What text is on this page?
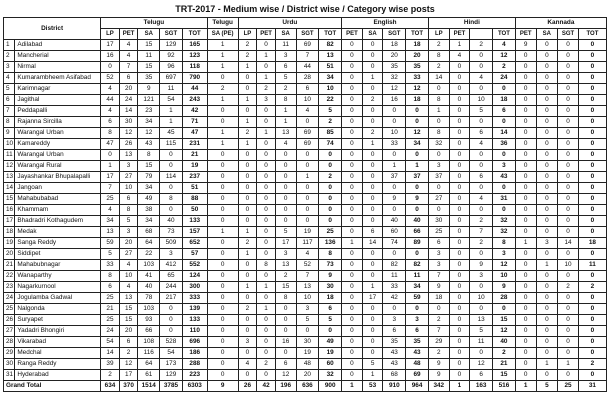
TRT-2017 - Medium wise / District wise / Category wise posts
District		Telugu					Telugu	Urdu					English				Hindi				Kannada			
		LP	PET	SA	SGT	TOT	SA (PE)	LP	PET	SA	SGT	TOT	PET	SA	SGT	TOT	LP	PET		TOT	PET	SA	SGT	TOT
1	Adilabad	17	4	15	129	165	1	2	0	11	69	82	0	0	18	18	2	1	2	4	9	0	0	0
2	Mancherial	16	4	11	92	123	1	2	1	3	7	13	0	0	20	20	8	4	0	12	0	0	0	0
3	Nirmal	0	7	15	96	118	1	1	0	6	44	51	0	0	35	35	2	0	0	2	0	0	0	0
4	Kumarambheem Asifabad	52	6	35	697	790	0	0	1	5	28	34	0	1	32	33	14	0	4	24	0	0	0	0
5	Karimnagar	4	20	9	11	44	2	0	2	2	6	10	0	0	12	12	0	0	0	0	0	0	0	0
6	Jagithal	44	24	121	54	243	1	1	3	8	10	22	0	2	16	18	8	0	10	18	0	0	0	0
7	Peddapalli	4	14	23	1	42	0	0	0	1	4	5	0	0	0	0	1	0	5	6	0	0	0	0
8	Rajanna Sircilla	6	30	34	1	71	0	1	0	1	0	2	0	0	0	0	0	0	0	0	0	0	0	0
9	Warangal Urban	8	12	12	45	47	1	2	1	13	69	85	0	2	10	12	8	0	6	14	0	0	0	0
10	Kamareddy	47	26	43	115	231	1	1	0	4	69	74	0	1	33	34	32	0	4	36	0	0	0	0
11	Warangal Urban	0	13	8	0	21	0	0	0	0	0	0	0	0	0	0	0	0	0	0	0	0	0	0
12	Warangal Rural	1	3	15	0	19	0	0	0	0	0	0	0	0	1	1	3	0	0	3	0	0	0	0
13	Jayashankar Bhupalapalli	17	27	79	114	237	0	0	0	0	1	2	0	0	37	37	37	0	6	43	0	0	0	0
14	Jangoan	7	10	34	0	51	0	0	0	0	0	0	0	0	0	0	0	0	0	0	0	0	0	0
15	Mahabubabad	25	6	49	8	88	0	0	0	0	0	0	0	0	9	9	27	0	4	31	0	0	0	0
16	Khammam	4	8	38	0	50	0	0	0	0	0	0	0	0	0	0	0	0	0	0	0	0	0	0
17	Bhadradri Kothagudem	34	5	34	40	133	0	0	0	0	0	0	0	0	40	40	30	0	2	32	0	0	0	0
18	Medak	13	3	68	73	157	1	1	0	5	19	25	0	6	60	66	25	0	7	32	0	0	0	0
19	Sanga Reddy	59	20	64	509	652	0	2	0	17	117	136	1	14	74	89	6	0	2	8	1	3	14	18
20	Siddipet	5	27	22	3	57	0	1	0	3	4	8	0	0	0	0	3	0	0	3	0	0	0	0
21	Mahabubnagar	33	4	103	412	552	0	0	8	13	52	73	0	0	82	82	3	0	9	12	0	1	10	11
22	Wanaparthy	8	10	41	65	124	0	0	0	2	7	9	0	0	11	11	7	0	3	10	0	0	0	0
23	Nagarkurnool	6	4	40	244	300	0	1	1	15	13	30	0	1	33	34	9	0	0	9	0	0	2	2
24	Jogulamba Gadwal	25	13	78	217	333	0	0	0	8	10	18	0	17	42	59	18	0	10	28	0	0	0	0
25	Nalgonda	21	15	103	0	139	0	2	1	0	3	6	0	0	0	0	0	0	0	0	0	0	0	0
26	Suryapet	25	15	93	0	133	0	0	0	0	5	5	0	0	3	3	2	0	13	15	0	0	0	0
27	Yadadri Bhongiri	24	20	66	0	110	0	0	0	0	0	0	0	0	6	6	7	0	5	12	0	0	0	0
28	Vikarabad	54	6	108	528	696	0	3	0	16	30	49	0	0	35	35	29	0	11	40	0	0	0	0
29	Medchal	14	2	116	54	186	0	0	0	0	19	19	0	0	43	43	2	0	0	2	0	0	0	0
30	Ranga Reddy	39	12	64	173	288	0	4	2	6	48	60	0	5	43	48	9	0	12	21	0	1	1	2
31	Hyderabad	2	17	61	129	223	0	0	0	12	20	32	0	1	68	69	9	0	6	15	0	0	0	0
Grand Total		634	370	1514	3785	6303	9	26	42	196	636	900	1	53	910	964	342	1	163	516	1	5	25	31
